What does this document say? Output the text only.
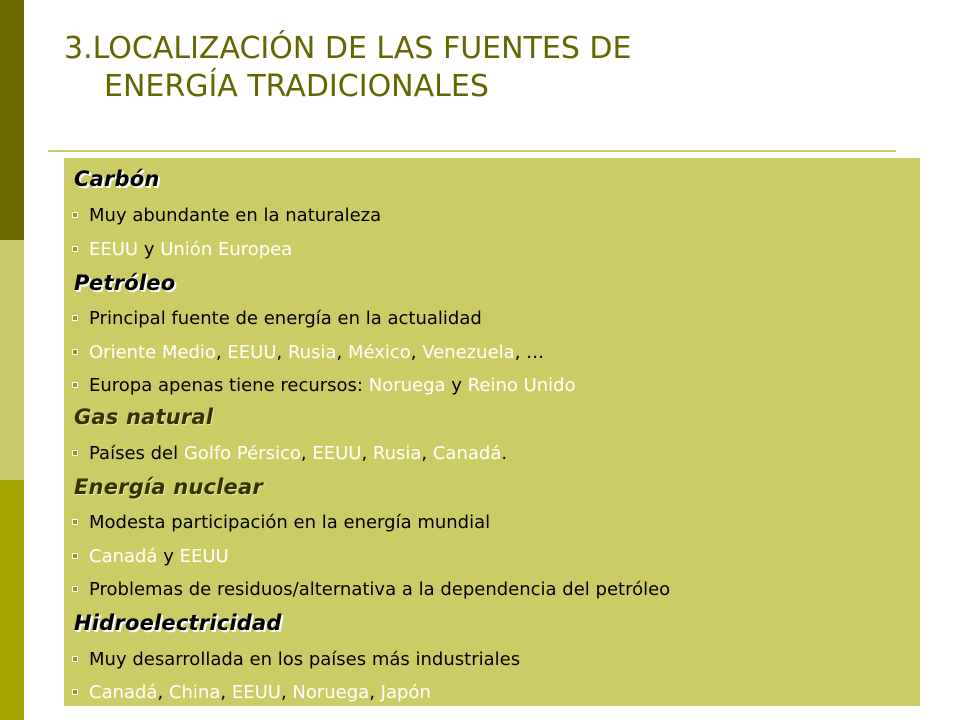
3.LOCALIZACIÓN DE LAS FUENTES DE
ENERGÍA TRADICIONALES
Carbón
Muy abundante en la naturaleza
EEUU y Unión Europea
Petróleo
Principal fuente de energía en la actualidad
Oriente Medio, EEUU, Rusia, México, Venezuela, …
Europa apenas tiene recursos: Noruega y Reino Unido
Gas natural
Países del Golfo Pérsico, EEUU, Rusia, Canadá.
Energía nuclear
Modesta participación en la energía mundial
Canadá y EEUU
Problemas de residuos/alternativa a la dependencia del petróleo
Hidroelectricidad
Muy desarrollada en los países más industriales
Canadá, China, EEUU, Noruega, Japón
